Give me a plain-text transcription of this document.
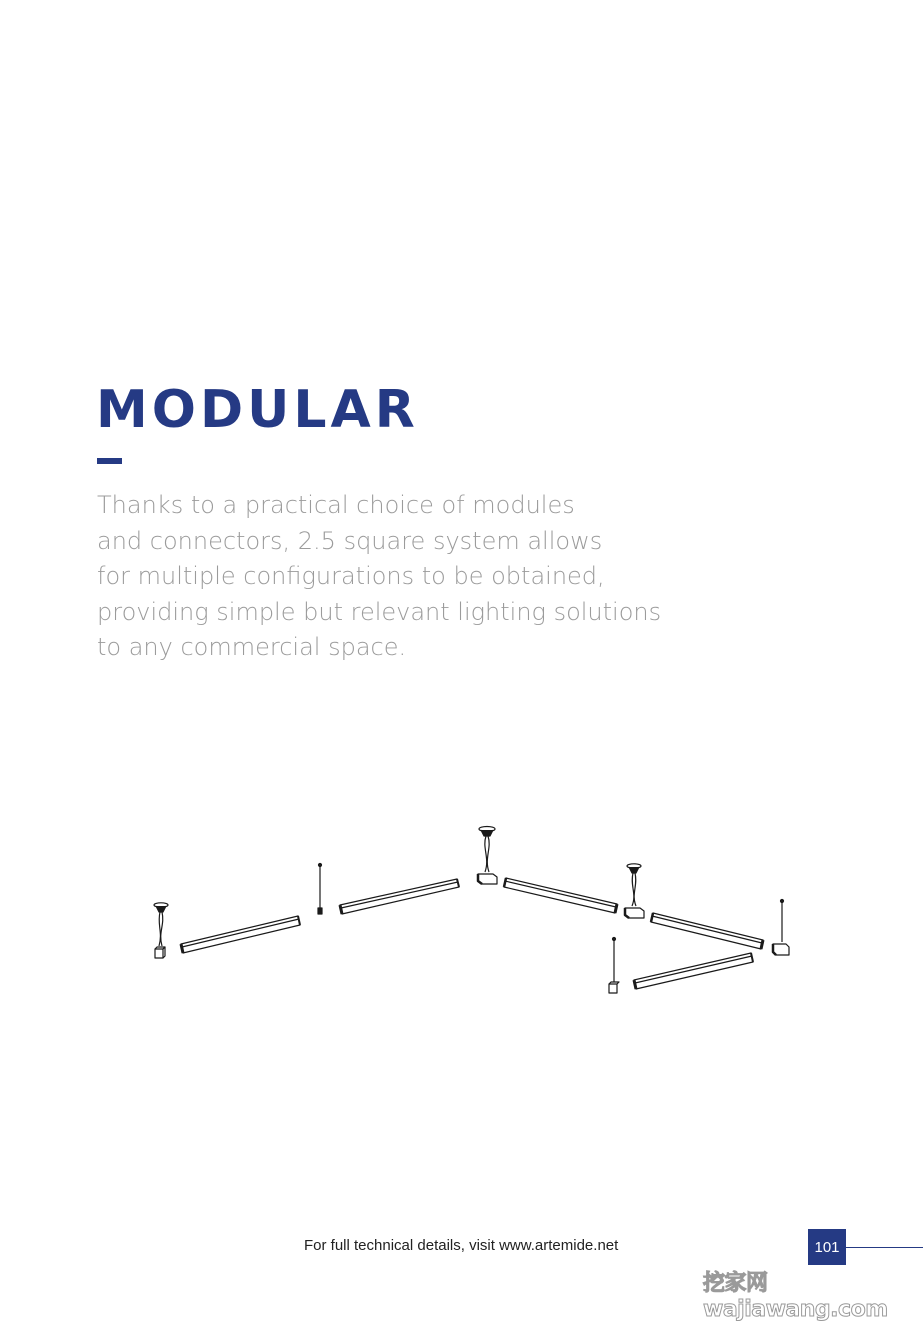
MODULAR

Thanks to a practical choice of modules
and connectors, 2.5 square system allows
for multiple configurations to be obtained,
providing simple but relevant lighting solutions
to any commercial space.

For full technical details, visit www.artemide.net	101
挖家网 wajiawang.com
